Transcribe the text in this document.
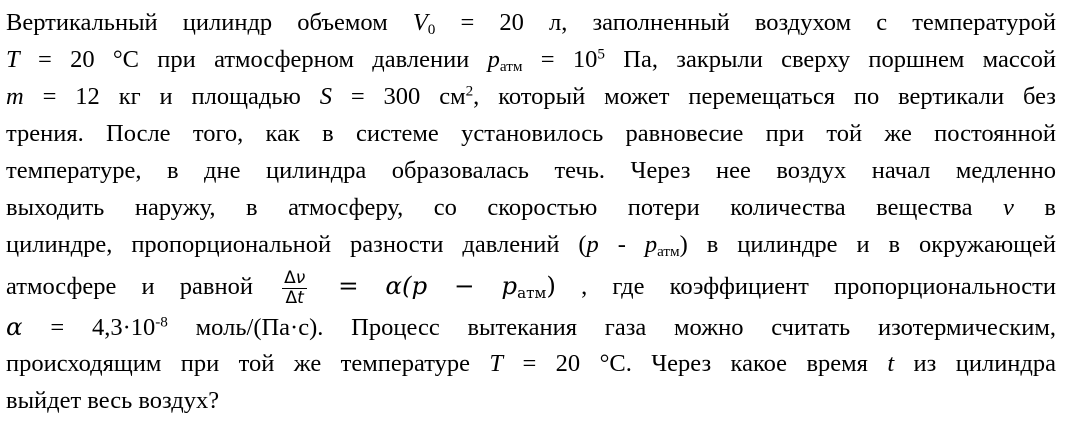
Вертикальный цилиндр объемом $V_0 = 20$ л, заполненный воздухом с температурой
T = 20 °С при атмосферном давлении $p_{атм} = 10^5$ Па, закрыли сверху поршнем массой
m = 12 кг и площадью S = 300 $см^2$, который может перемещаться по вертикали без
трения. После того, как в системе установилось равновесие при той же постоянной
температуре, в дне цилиндра образовалась течь. Через нее воздух начал медленно
выходить наружу, в атмосферу, со скоростью потери количества вещества ν в
цилиндре, пропорциональной разности давлений $(p - p_{атм})$ в цилиндре и в окружающей
атмосфере и равной $\frac{\Delta\nu}{\Delta t} = \alpha(p - p_{атм})$ , где коэффициент пропорциональности
$\alpha = 4,3\cdot 10^{-8}$ моль/(Па·с). Процесс вытекания газа можно считать изотермическим,
происходящим при той же температуре T = 20 °С. Через какое время t из цилиндра
выйдет весь воздух?
